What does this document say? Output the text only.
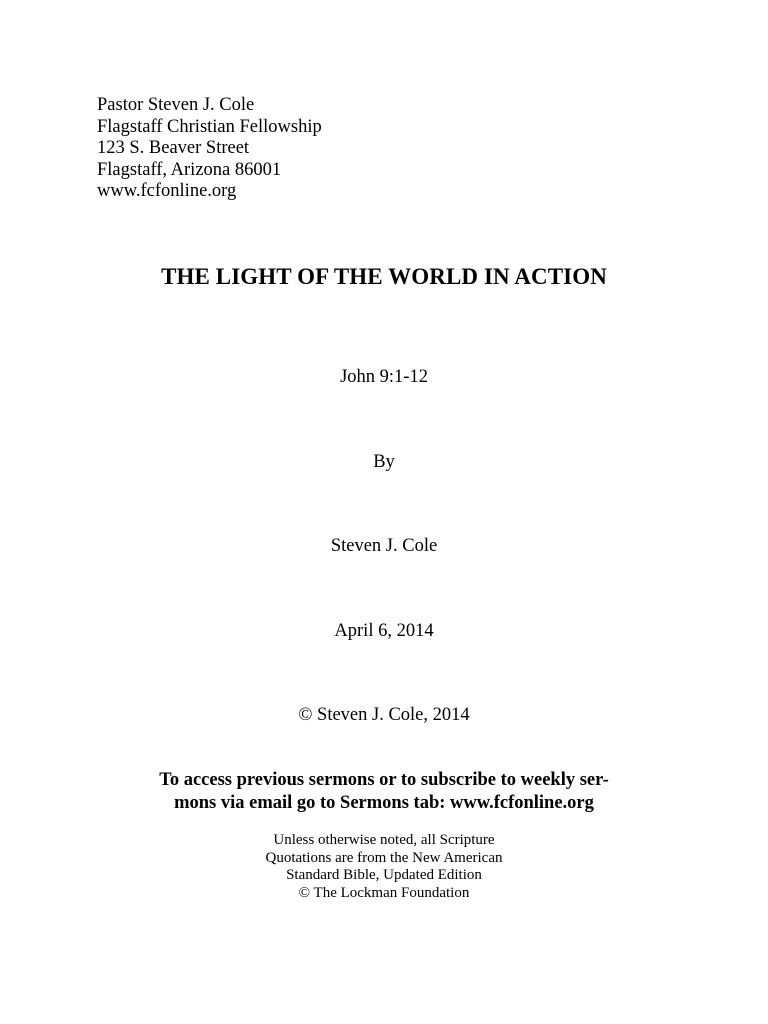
Pastor Steven J. Cole
Flagstaff Christian Fellowship
123 S. Beaver Street
Flagstaff, Arizona 86001
www.fcfonline.org
THE LIGHT OF THE WORLD IN ACTION
John 9:1-12
By
Steven J. Cole
April 6, 2014
© Steven J. Cole, 2014
To access previous sermons or to subscribe to weekly ser-
mons via email go to Sermons tab: www.fcfonline.org
Unless otherwise noted, all Scripture
Quotations are from the New American
Standard Bible, Updated Edition
© The Lockman Foundation
